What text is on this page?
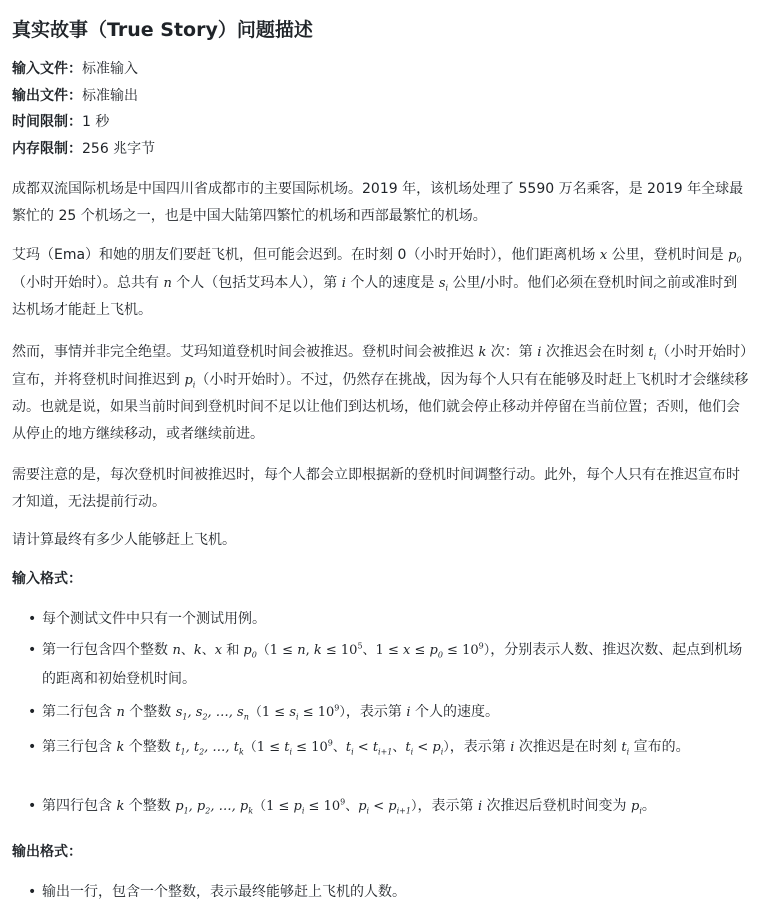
真实故事（True Story）问题描述
输入文件：标准输入
输出文件：标准输出
时间限制：1 秒
内存限制：256 兆字节

成都双流国际机场是中国四川省成都市的主要国际机场。2019 年，该机场处理了 5590 万名乘客，是 2019 年全球最繁忙的 25 个机场之一，也是中国大陆第四繁忙的机场和西部最繁忙的机场。

艾玛（Ema）和她的朋友们要赶飞机，但可能会迟到。在时刻 0（小时开始时），他们距离机场 x 公里，登机时间是 $p_0$（小时开始时）。总共有 n 个人（包括艾玛本人），第 i 个人的速度是 $s_i$ 公里/小时。他们必须在登机时间之前或准时到达机场才能赶上飞机。

然而，事情并非完全绝望。艾玛知道登机时间会被推迟。登机时间会被推迟 k 次：第 i 次推迟会在时刻 $t_i$（小时开始时）宣布，并将登机时间推迟到 $p_i$（小时开始时）。不过，仍然存在挑战，因为每个人只有在能够及时赶上飞机时才会继续移动。也就是说，如果当前时间到登机时间不足以让他们到达机场，他们就会停止移动并停留在当前位置；否则，他们会从停止的地方继续移动，或者继续前进。

需要注意的是，每次登机时间被推迟时，每个人都会立即根据新的登机时间调整行动。此外，每个人只有在推迟宣布时才知道，无法提前行动。

请计算最终有多少人能够赶上飞机。

输入格式：

• 每个测试文件中只有一个测试用例。

• 第一行包含四个整数 n、k、x 和 $p_0(1 \le n$, $k \le 10^5$、$1 \le x \le p_0 \le 10^9$），分别表示人数、推迟次数、起点到机场的距离和初始登机时间。

• 第二行包含 n 个整数 $s_1$, $s_2$, …, $s_n(1 \le s_i \le 10^9)$，表示第 i 个人的速度。

• 第三行包含 k 个整数 $t_1$, $t_2$, …, $t_k(1 \le t_i \le 10^9$、$t_i < t_{i+1}$、$t_i < p_i$），表示第 i 次推迟是在时刻 $t_i$ 宣布的。

• 第四行包含 k 个整数 $p_1$, $p_2$, …, $p_k(1 \le p_i \le 10^9$、$p_i < p_{i+1}$），表示第 i 次推迟后登机时间变为 $p_i$。

输出格式：

• 输出一行，包含一个整数，表示最终能够赶上飞机的人数。
